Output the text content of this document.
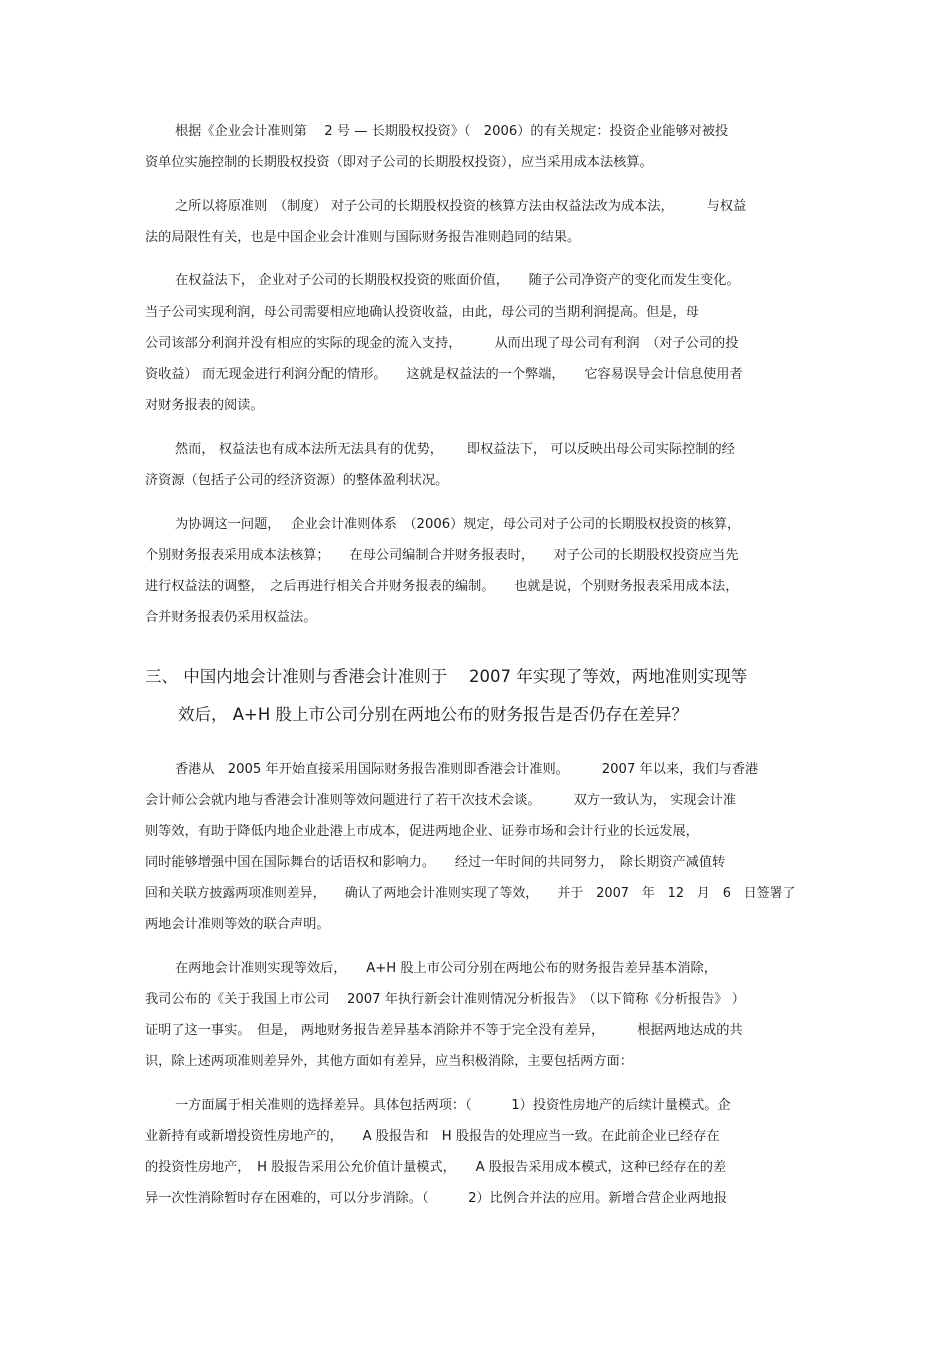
根据《企业会计准则第　 2 号 — 长期股权投资》（　2006）的有关规定：投资企业能够对被投

资单位实施控制的长期股权投资（即对子公司的长期股权投资），应当采用成本法核算。

之所以将原准则　（制度） 对子公司的长期股权投资的核算方法由权益法改为成本法，　　　与权益

法的局限性有关，也是中国企业会计准则与国际财务报告准则趋同的结果。

在权益法下， 企业对子公司的长期股权投资的账面价值，　　随子公司净资产的变化而发生变化。

当子公司实现利润，母公司需要相应地确认投资收益，由此，母公司的当期利润提高。但是，母

公司该部分利润并没有相应的实际的现金的流入支持，　　　从而出现了母公司有利润　（对子公司的投

资收益） 而无现金进行利润分配的情形。　　这就是权益法的一个弊端，　　它容易误导会计信息使用者

对财务报表的阅读。

然而， 权益法也有成本法所无法具有的优势，　　 即权益法下， 可以反映出母公司实际控制的经

济资源（包括子公司的经济资源）的整体盈利状况。

为协调这一问题，　 企业会计准则体系　（2006）规定，母公司对子公司的长期股权投资的核算，

个别财务报表采用成本法核算；　　在母公司编制合并财务报表时，　　对子公司的长期股权投资应当先

进行权益法的调整，　之后再进行相关合并财务报表的编制。　　也就是说，个别财务报表采用成本法，

合并财务报表仍采用权益法。

三、 中国内地会计准则与香港会计准则于　 2007 年实现了等效，两地准则实现等

效后， A+H 股上市公司分别在两地公布的财务报告是否仍存在差异？

香港从　2005 年开始直接采用国际财务报告准则即香港会计准则。　　　2007 年以来，我们与香港

会计师公会就内地与香港会计准则等效问题进行了若干次技术会谈。　　　双方一致认为， 实现会计准

则等效，有助于降低内地企业赴港上市成本，促进两地企业、证券市场和会计行业的长远发展，

同时能够增强中国在国际舞台的话语权和影响力。　　经过一年时间的共同努力，　除长期资产减值转

回和关联方披露两项准则差异，　　确认了两地会计准则实现了等效，　　并于　2007　年　12　月　6　日签署了

两地会计准则等效的联合声明。

在两地会计准则实现等效后，　　A+H 股上市公司分别在两地公布的财务报告差异基本消除，

我司公布的《关于我国上市公司　 2007 年执行新会计准则情况分析报告》　（以下简称《分析报告》 ）

证明了这一事实。　但是， 两地财务报告差异基本消除并不等于完全没有差异，　　　根据两地达成的共

识，除上述两项准则差异外，其他方面如有差异，应当积极消除，主要包括两方面：

一方面属于相关准则的选择差异。具体包括两项：（　　　1）投资性房地产的后续计量模式。企

业新持有或新增投资性房地产的，　　A 股报告和　H 股报告的处理应当一致。在此前企业已经存在

的投资性房地产，　H 股报告采用公允价值计量模式，　　A 股报告采用成本模式，这种已经存在的差

异一次性消除暂时存在困难的，可以分步消除。（　　　2）比例合并法的应用。新增合营企业两地报
